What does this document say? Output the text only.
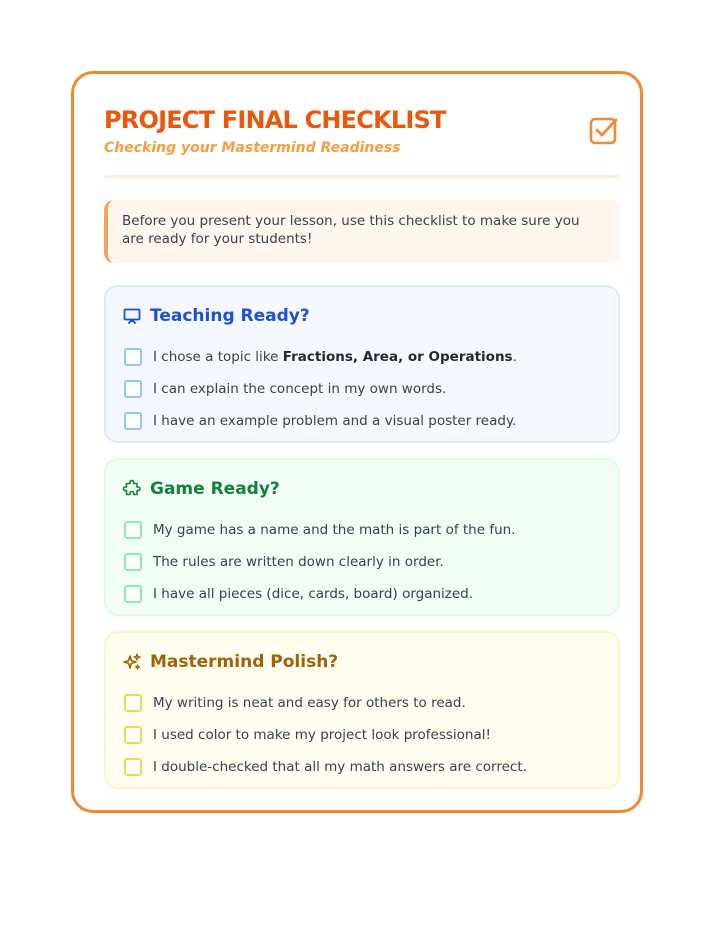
PROJECT FINAL CHECKLIST
Checking your Mastermind Readiness
Before you present your lesson, use this checklist to make sure you are ready for your students!
Teaching Ready?
I chose a topic like Fractions, Area, or Operations.
I can explain the concept in my own words.
I have an example problem and a visual poster ready.
Game Ready?
My game has a name and the math is part of the fun.
The rules are written down clearly in order.
I have all pieces (dice, cards, board) organized.
Mastermind Polish?
My writing is neat and easy for others to read.
I used color to make my project look professional!
I double-checked that all my math answers are correct.
